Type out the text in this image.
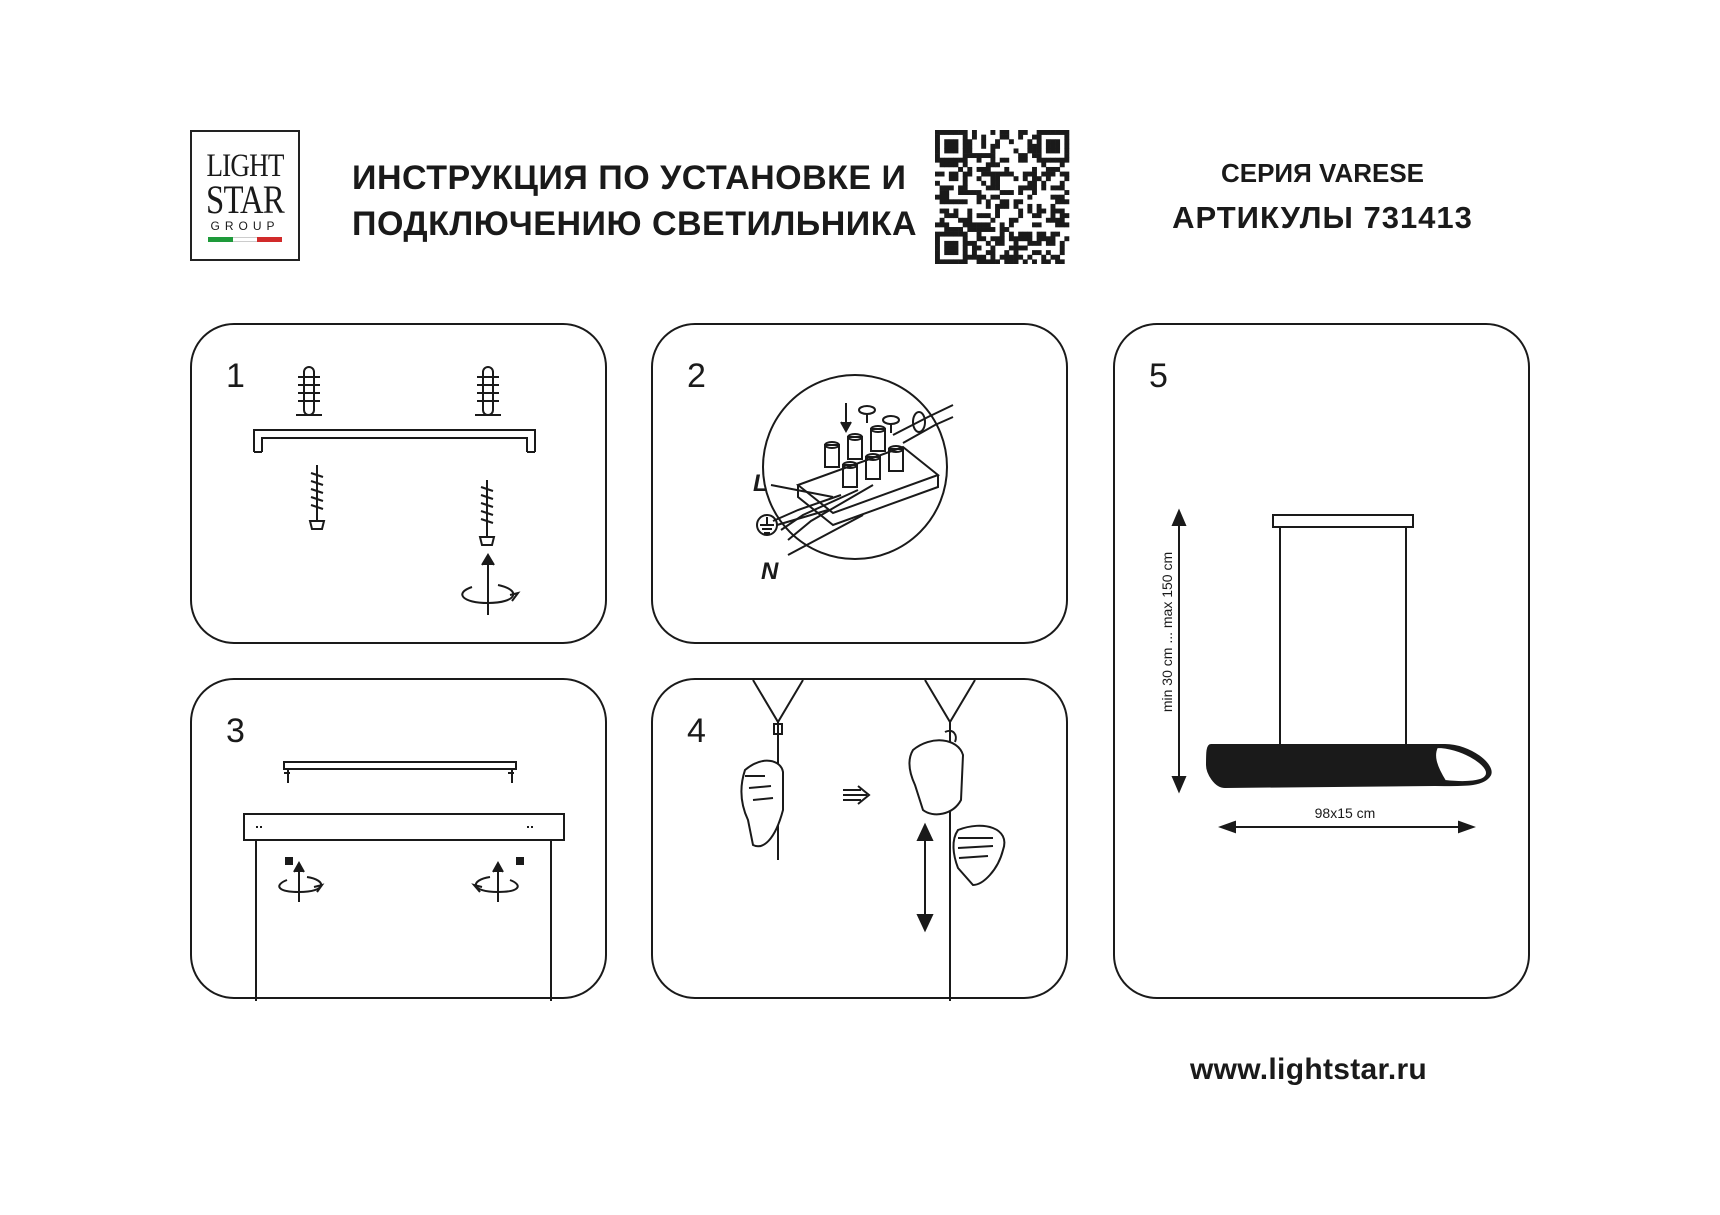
LIGHT
STAR
GROUP
ИНСТРУКЦИЯ ПО УСТАНОВКЕ И
ПОДКЛЮЧЕНИЮ СВЕТИЛЬНИКА
СЕРИЯ VARESE
АРТИКУЛЫ 731413
1	2
L
N
3	4
5
min 30 cm ... max 150 cm
98x15 cm
www.lightstar.ru
